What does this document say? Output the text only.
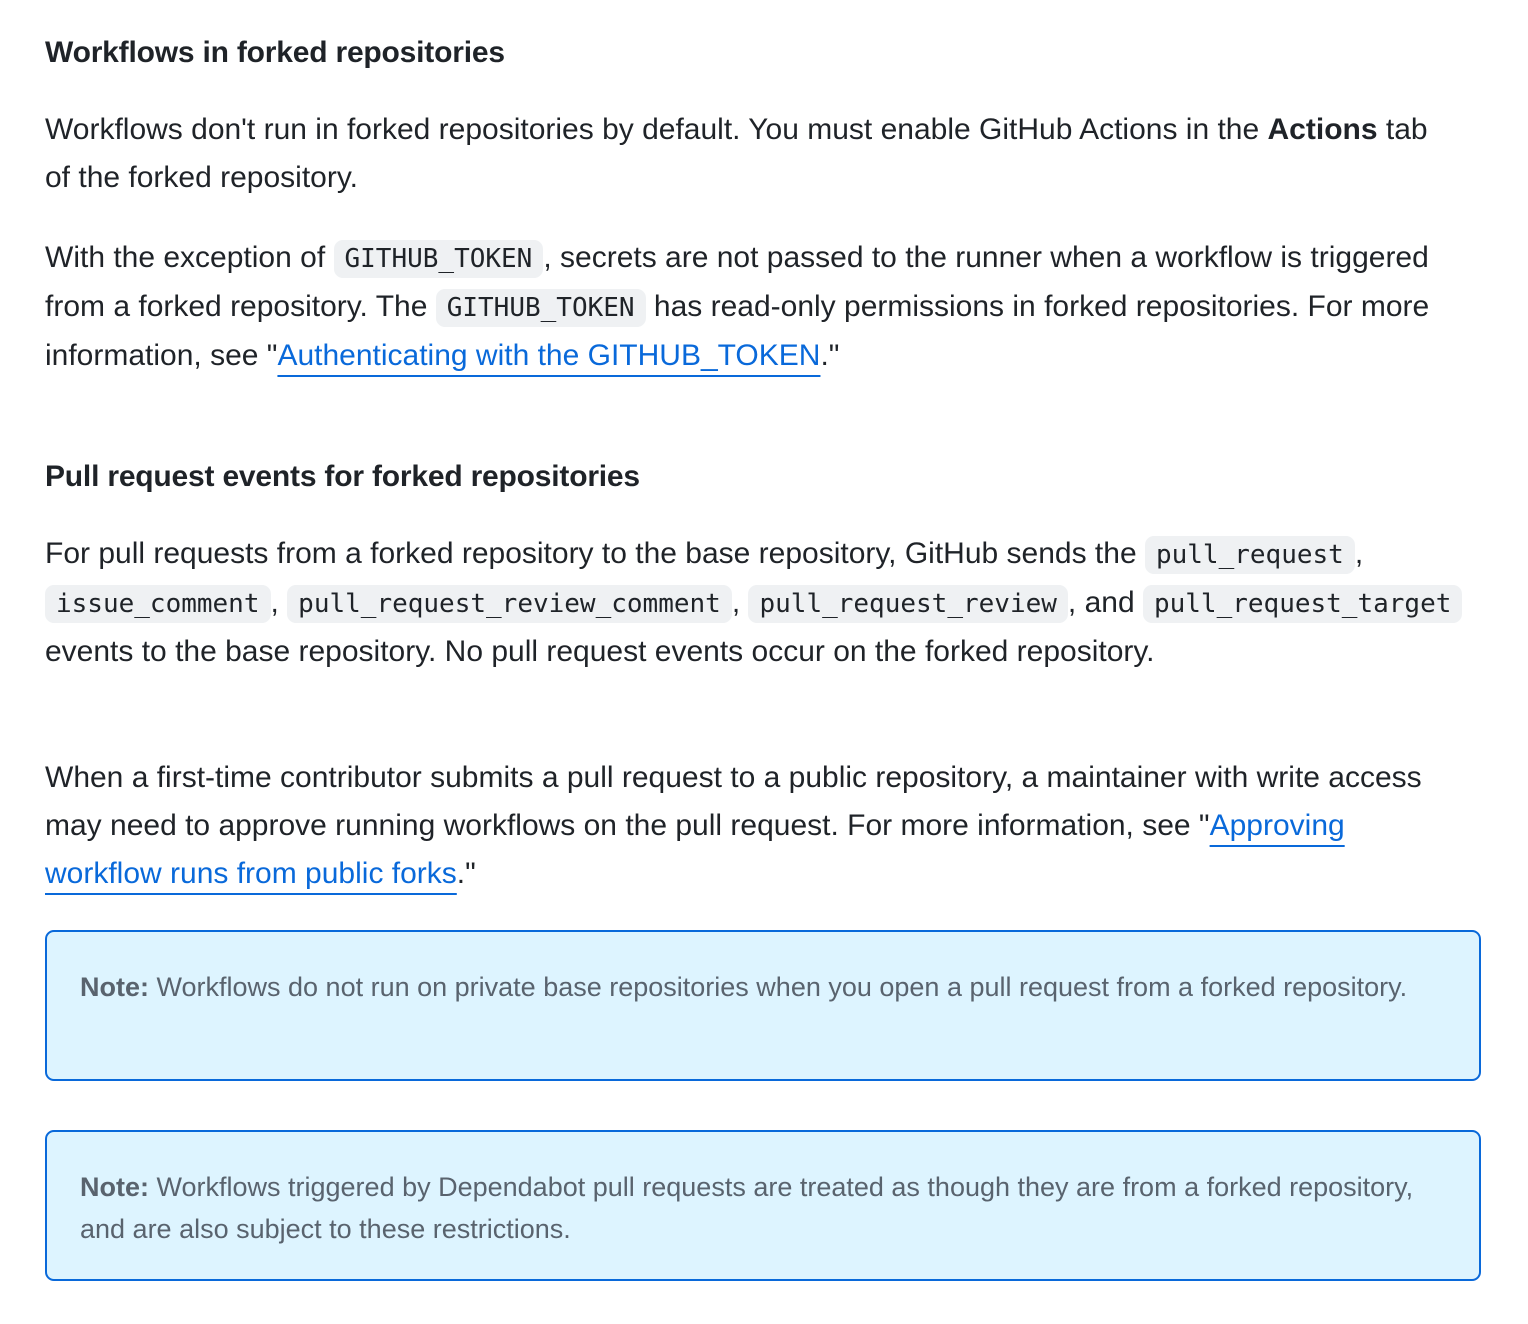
Workflows in forked repositories

Workflows don't run in forked repositories by default. You must enable GitHub Actions in the Actions tab of the forked repository.

With the exception of GITHUB_TOKEN , secrets are not passed to the runner when a workflow is triggered from a forked repository. The GITHUB_TOKEN has read-only permissions in forked repositories. For more information, see "Authenticating with the GITHUB_TOKEN."

Pull request events for forked repositories

For pull requests from a forked repository to the base repository, GitHub sends the pull_request , issue_comment , pull_request_review_comment , pull_request_review , and pull_request_target events to the base repository. No pull request events occur on the forked repository.

When a first-time contributor submits a pull request to a public repository, a maintainer with write access may need to approve running workflows on the pull request. For more information, see "Approving workflow runs from public forks."

Note: Workflows do not run on private base repositories when you open a pull request from a forked repository.
Note: Workflows triggered by Dependabot pull requests are treated as though they are from a forked repository, and are also subject to these restrictions.
